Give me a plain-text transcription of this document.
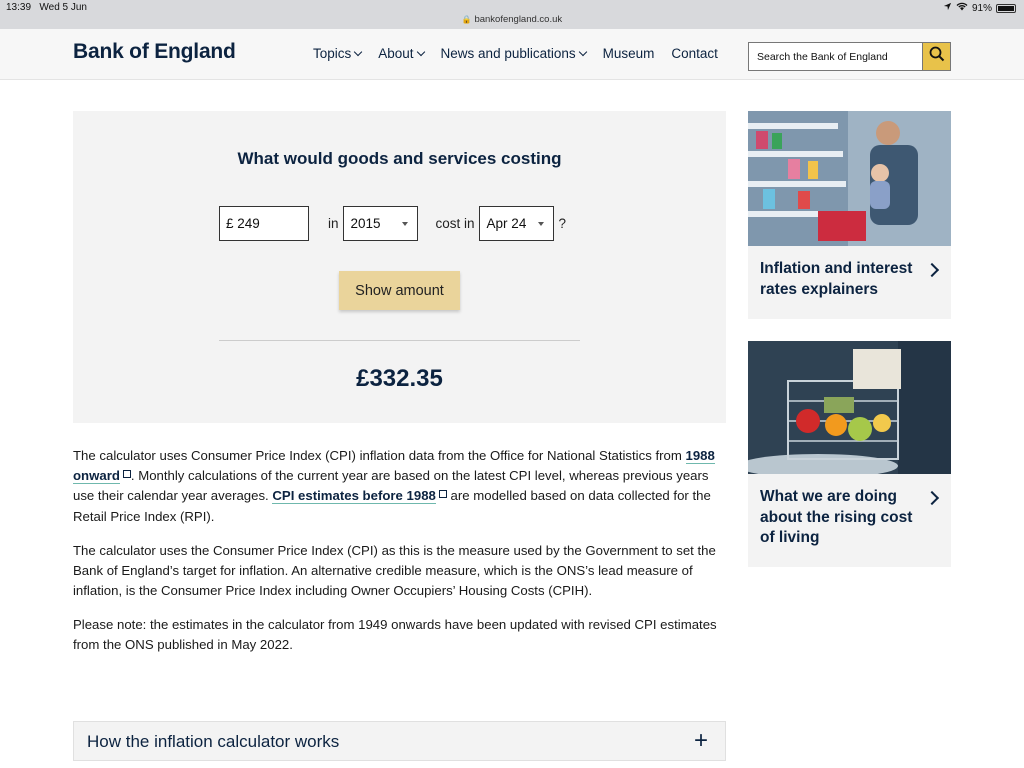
13:39 Wed 5 Jun
🔒 bankofengland.co.uk
91%
Bank of England	Topics About News and publications Museum Contact
Search the Bank of England
What would goods and services costing
£ 249	in 2015	cost in Apr 24 ?
Show amount
£332.35

The calculator uses Consumer Price Index (CPI) inflation data from the Office for National Statistics from 1988 onward . Monthly calculations of the current year are based on the latest CPI level, whereas previous years use their calendar year averages. CPI estimates before 1988 are modelled based on data collected for the Retail Price Index (RPI).

The calculator uses the Consumer Price Index (CPI) as this is the measure used by the Government to set the Bank of England’s target for inflation. An alternative credible measure, which is the ONS’s lead measure of inflation, is the Consumer Price Index including Owner Occupiers’ Housing Costs (CPIH).

Please note: the estimates in the calculator from 1949 onwards have been updated with revised CPI estimates from the ONS published in May 2022.

How the inflation calculator works	+
Inflation and interest rates explainers
What we are doing about the rising cost of living
